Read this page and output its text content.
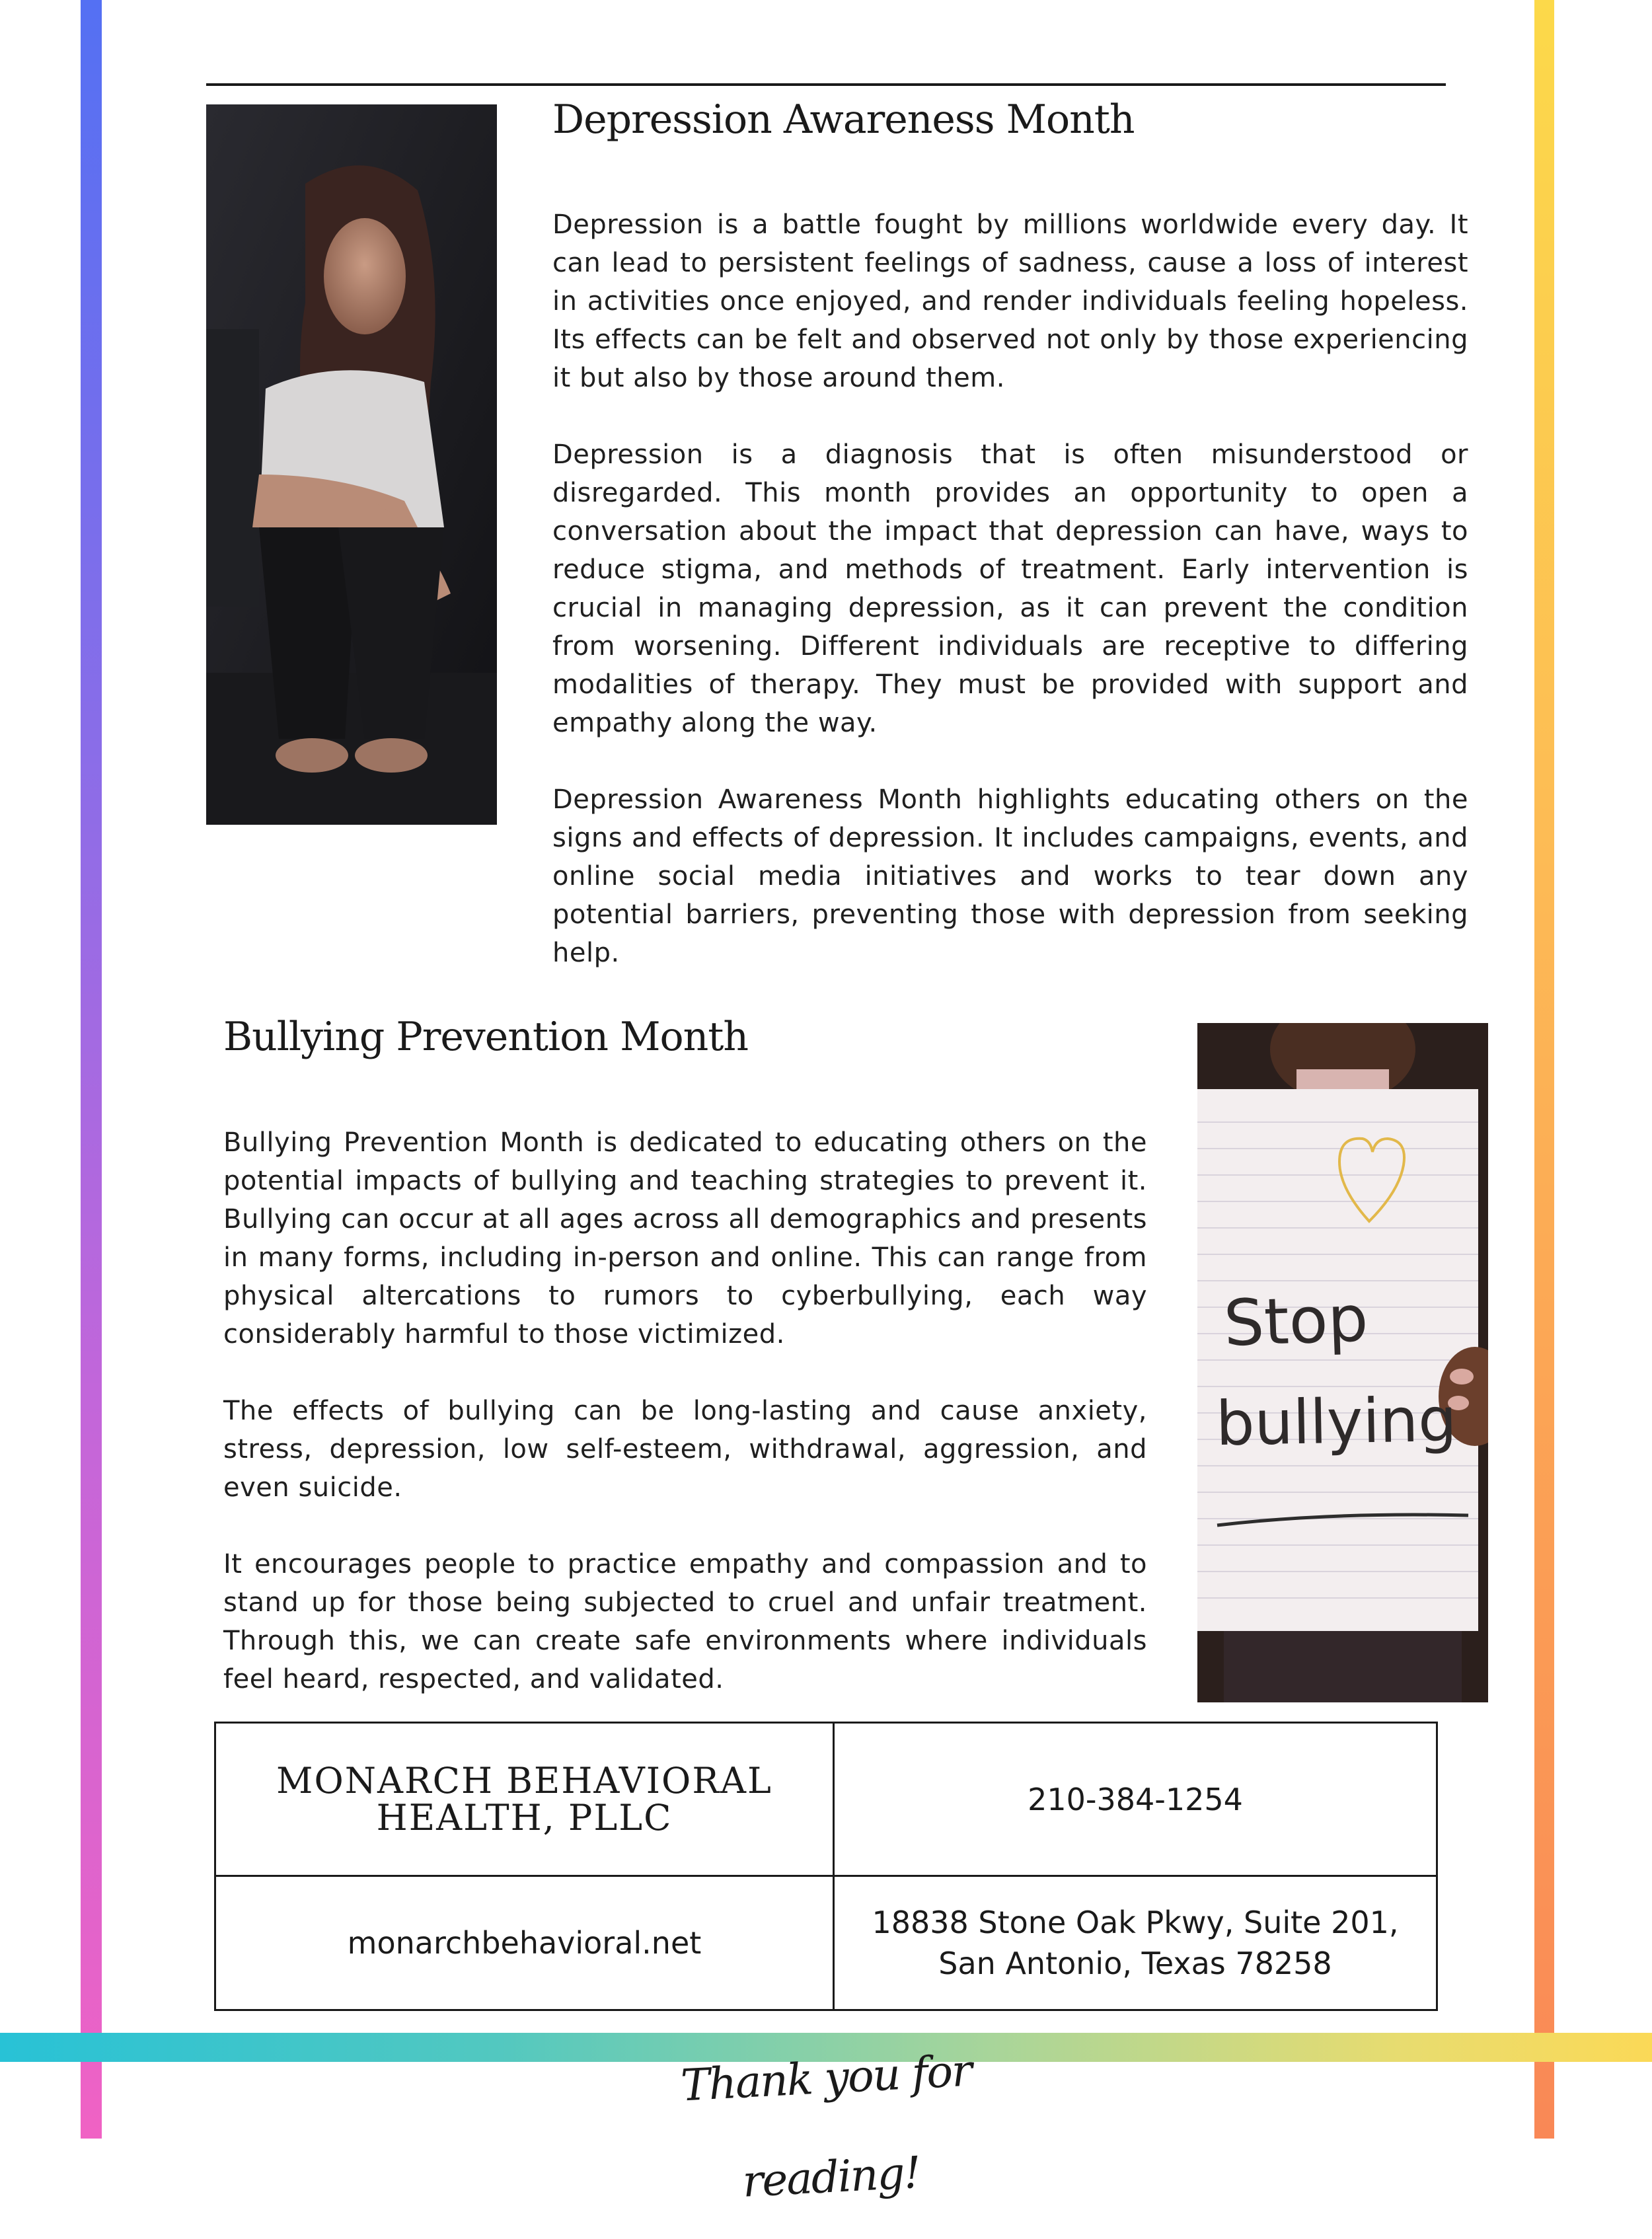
Depression Awareness Month

Depression is a battle fought by millions worldwide every day. It can lead to persistent feelings of sadness, cause a loss of interest in activities once enjoyed, and render individuals feeling hopeless. Its effects can be felt and observed not only by those experiencing it but also by those around them.

Depression is a diagnosis that is often misunderstood or disregarded. This month provides an opportunity to open a conversation about the impact that depression can have, ways to reduce stigma, and methods of treatment. Early intervention is crucial in managing depression, as it can prevent the condition from worsening. Different individuals are receptive to differing modalities of therapy. They must be provided with support and empathy along the way.

Depression Awareness Month highlights educating others on the signs and effects of depression. It includes campaigns, events, and online social media initiatives and works to tear down any potential barriers, preventing those with depression from seeking help.

Bullying Prevention Month

Bullying Prevention Month is dedicated to educating others on the potential impacts of bullying and teaching strategies to prevent it. Bullying can occur at all ages across all demographics and presents in many forms, including in-person and online. This can range from physical altercations to rumors to cyberbullying, each way considerably harmful to those victimized.

The effects of bullying can be long-lasting and cause anxiety, stress, depression, low self-esteem, withdrawal, aggression, and even suicide.

It encourages people to practice empathy and compassion and to stand up for those being subjected to cruel and unfair treatment. Through this, we can create safe environments where individuals feel heard, respected, and validated.

Stop
bullying
MONARCH BEHAVIORAL HEALTH, PLLC	210-384-1254
monarchbehavioral.net
18838 Stone Oak Pkwy, Suite 201,
San Antonio, Texas 78258
Thank you for reading!
